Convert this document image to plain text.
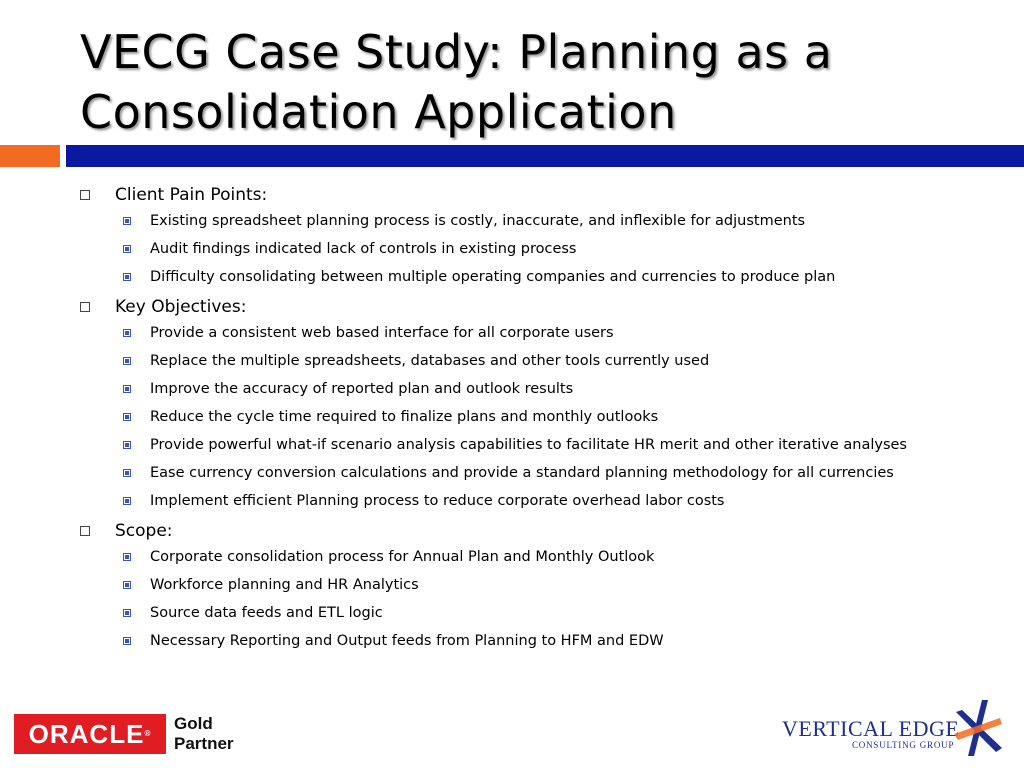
VECG Case Study: Planning as a
Consolidation Application
Client Pain Points:
Existing spreadsheet planning process is costly, inaccurate, and inflexible for adjustments
Audit findings indicated lack of controls in existing process
Difficulty consolidating between multiple operating companies and currencies to produce plan
Key Objectives:
Provide a consistent web based interface for all corporate users
Replace the multiple spreadsheets, databases and other tools currently used
Improve the accuracy of reported plan and outlook results
Reduce the cycle time required to finalize plans and monthly outlooks
Provide powerful what-if scenario analysis capabilities to facilitate HR merit and other iterative analyses
Ease currency conversion calculations and provide a standard planning methodology for all currencies
Implement efficient Planning process to reduce corporate overhead labor costs
Scope:
Corporate consolidation process for Annual Plan and Monthly Outlook
Workforce planning and HR Analytics
Source data feeds and ETL logic
Necessary Reporting and Output feeds from Planning to HFM and EDW
ORACLE®
Gold
Partner
VERTICAL EDGE
CONSULTING GROUP
